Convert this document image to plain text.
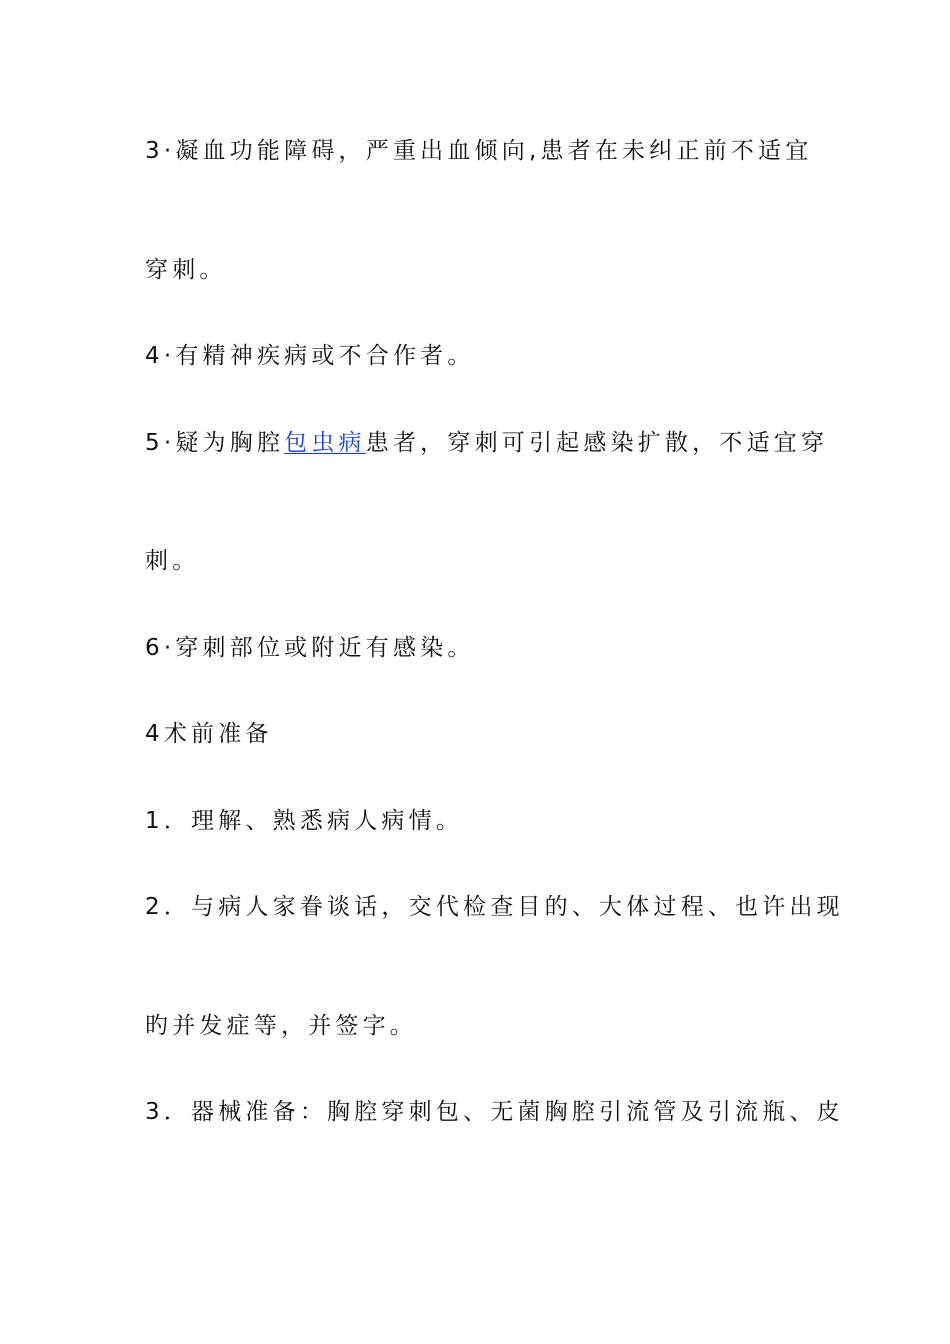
3·凝血功能障碍，严重出血倾向,患者在未纠正前不适宜
穿刺。
4·有精神疾病或不合作者。
5·疑为胸腔包虫病患者，穿刺可引起感染扩散，不适宜穿
刺。
6·穿刺部位或附近有感染。
4术前准备
1．理解、熟悉病人病情。
2．与病人家眷谈话，交代检查目的、大体过程、也许出现
旳并发症等，并签字。
3．器械准备：胸腔穿刺包、无菌胸腔引流管及引流瓶、皮
